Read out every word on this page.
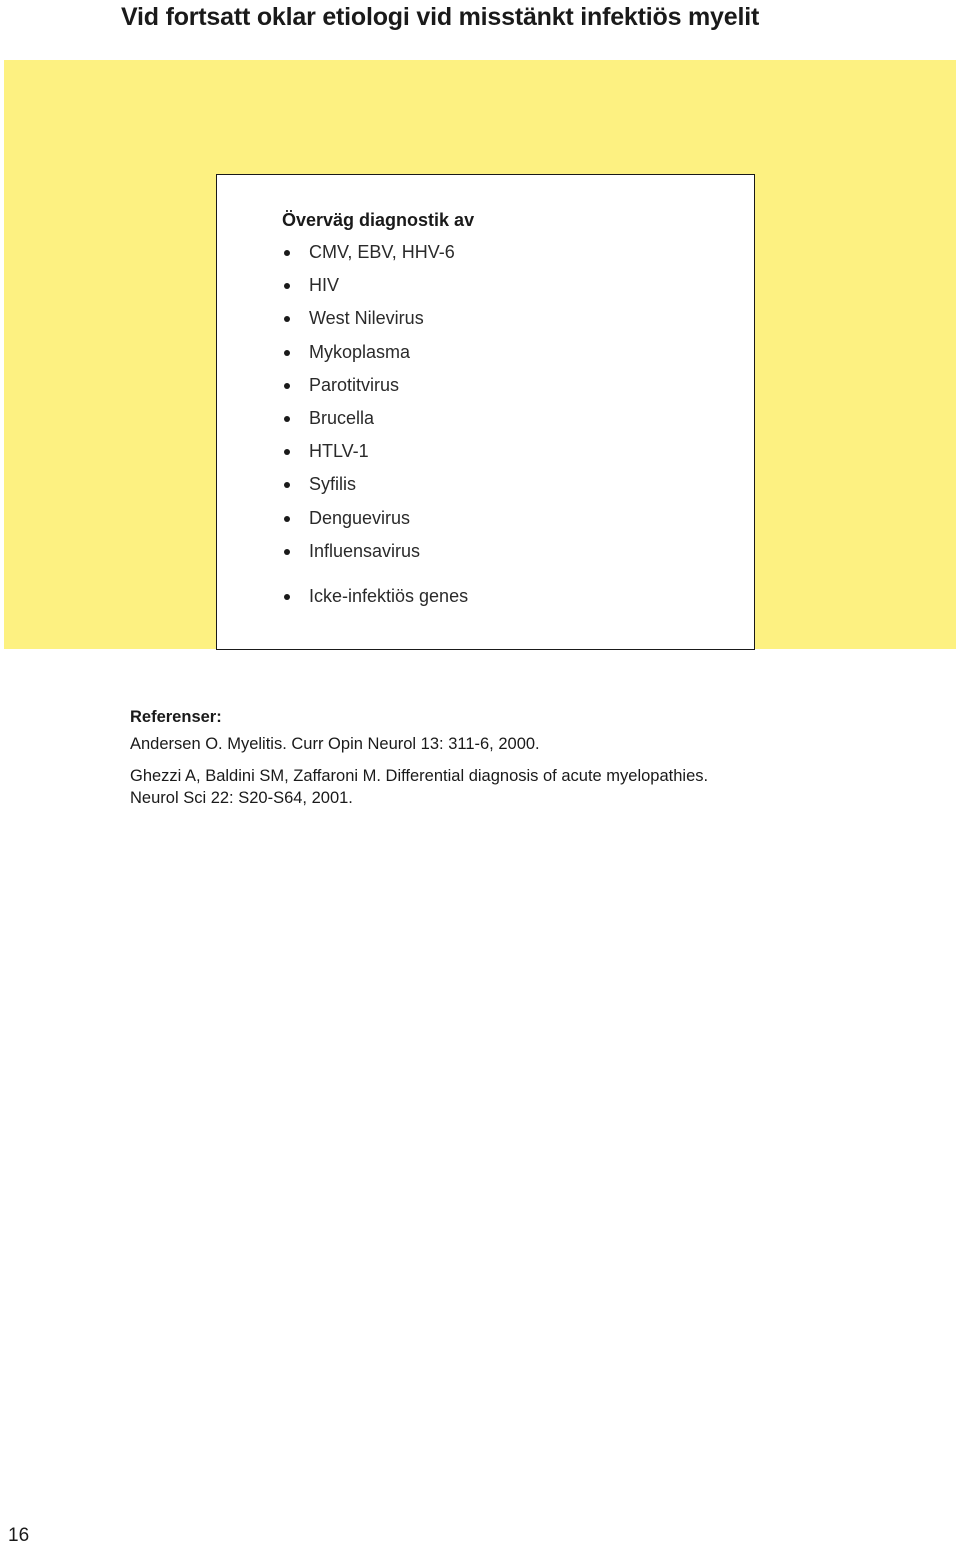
Vid fortsatt oklar etiologi vid misstänkt infektiös myelit
Överväg diagnostik av
CMV, EBV, HHV-6
HIV
West Nilevirus
Mykoplasma
Parotitvirus
Brucella
HTLV-1
Syfilis
Denguevirus
Influensavirus
Icke-infektiös genes
Referenser:
Andersen O. Myelitis. Curr Opin Neurol 13: 311-6, 2000.
Ghezzi A, Baldini SM, Zaffaroni M. Differential diagnosis of acute myelopathies.
Neurol Sci 22: S20-S64, 2001.
16
